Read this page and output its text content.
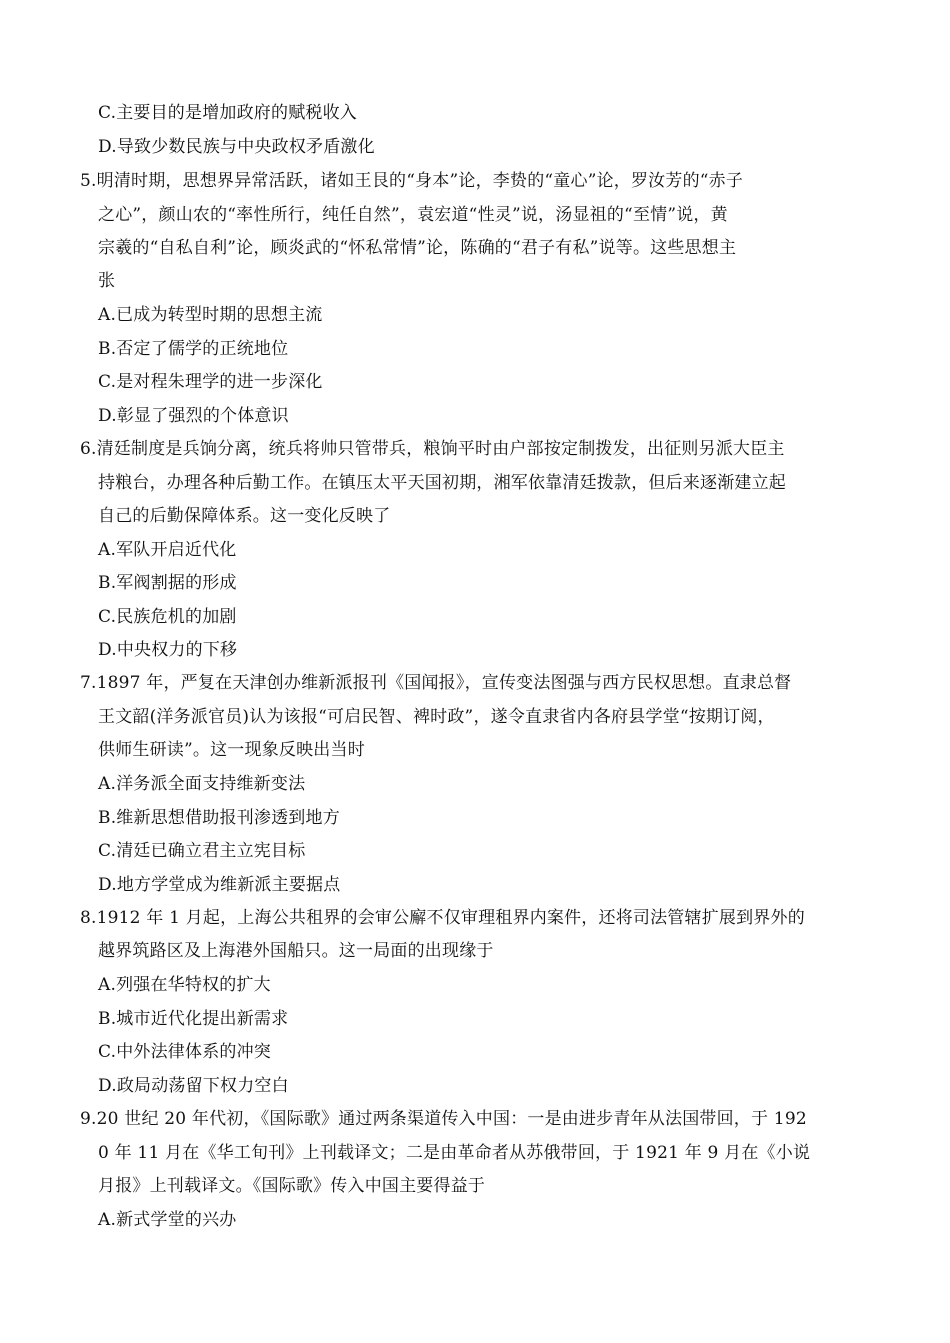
C.主要目的是增加政府的赋税收入
D.导致少数民族与中央政权矛盾激化
5.明清时期，思想界异常活跃，诸如王艮的“身本”论，李贽的“童心”论，罗汝芳的“赤子
之心”，颜山农的“率性所行，纯任自然”，袁宏道“性灵”说，汤显祖的“至情”说，黄
宗羲的“自私自利”论，顾炎武的“怀私常情”论，陈确的“君子有私”说等。这些思想主
张
A.已成为转型时期的思想主流
B.否定了儒学的正统地位
C.是对程朱理学的进一步深化
D.彰显了强烈的个体意识
6.清廷制度是兵饷分离，统兵将帅只管带兵，粮饷平时由户部按定制拨发，出征则另派大臣主
持粮台，办理各种后勤工作。在镇压太平天国初期，湘军依靠清廷拨款，但后来逐渐建立起
自己的后勤保障体系。这一变化反映了
A.军队开启近代化
B.军阀割据的形成
C.民族危机的加剧
D.中央权力的下移
7.1897 年，严复在天津创办维新派报刊《国闻报》，宣传变法图强与西方民权思想。直隶总督
王文韶(洋务派官员)认为该报“可启民智、裨时政”，遂令直隶省内各府县学堂“按期订阅，
供师生研读”。这一现象反映出当时
A.洋务派全面支持维新变法
B.维新思想借助报刊渗透到地方
C.清廷已确立君主立宪目标
D.地方学堂成为维新派主要据点
8.1912 年 1 月起，上海公共租界的会审公廨不仅审理租界内案件，还将司法管辖扩展到界外的
越界筑路区及上海港外国船只。这一局面的出现缘于
A.列强在华特权的扩大
B.城市近代化提出新需求
C.中外法律体系的冲突
D.政局动荡留下权力空白
9.20 世纪 20 年代初，《国际歌》通过两条渠道传入中国：一是由进步青年从法国带回，于 192
0 年 11 月在《华工旬刊》上刊载译文；二是由革命者从苏俄带回，于 1921 年 9 月在《小说
月报》上刊载译文。《国际歌》传入中国主要得益于
A.新式学堂的兴办
